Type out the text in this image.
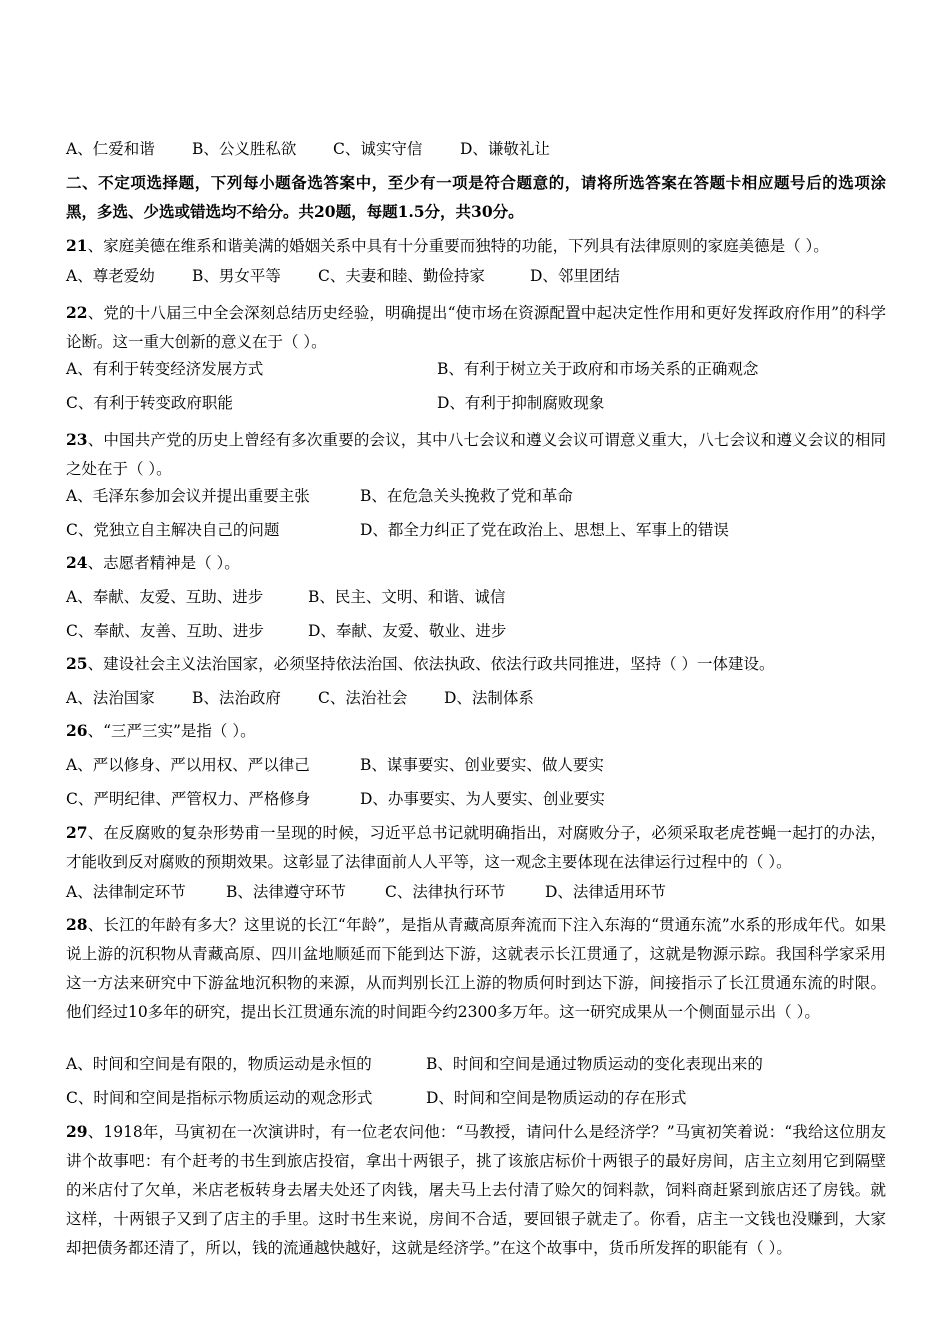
A、仁爱和谐 B、公义胜私欲 C、诚实守信 D、谦敬礼让
二、不定项选择题，下列每小题备选答案中，至少有一项是符合题意的，请将所选答案在答题卡相应题号后的选项涂黑，多选、少选或错选均不给分。共20题，每题1.5分，共30分。
21、家庭美德在维系和谐美满的婚姻关系中具有十分重要而独特的功能，下列具有法律原则的家庭美德是（ ）。
A、尊老爱幼 B、男女平等 C、夫妻和睦、勤俭持家	D、邻里团结
22、党的十八届三中全会深刻总结历史经验，明确提出“使市场在资源配置中起决定性作用和更好发挥政府作用”的科学论断。这一重大创新的意义在于（ ）。
A、有利于转变经济发展方式	B、有利于树立关于政府和市场关系的正确观念
C、有利于转变政府职能	D、有利于抑制腐败现象
23、中国共产党的历史上曾经有多次重要的会议，其中八七会议和遵义会议可谓意义重大，八七会议和遵义会议的相同之处在于（ ）。
A、毛泽东参加会议并提出重要主张	B、在危急关头挽救了党和革命
C、党独立自主解决自己的问题	D、都全力纠正了党在政治上、思想上、军事上的错误
24、志愿者精神是（ ）。
A、奉献、友爱、互助、进步	B、民主、文明、和谐、诚信
C、奉献、友善、互助、进步	D、奉献、友爱、敬业、进步
25、建设社会主义法治国家，必须坚持依法治国、依法执政、依法行政共同推进，坚持（ ）一体建设。
A、法治国家 B、法治政府 C、法治社会 D、法制体系
26、“三严三实”是指（ ）。
A、严以修身、严以用权、严以律己	B、谋事要实、创业要实、做人要实
C、严明纪律、严管权力、严格修身	D、办事要实、为人要实、创业要实
27、在反腐败的复杂形势甫一呈现的时候，习近平总书记就明确指出，对腐败分子，必须采取老虎苍蝇一起打的办法，才能收到反对腐败的预期效果。这彰显了法律面前人人平等，这一观念主要体现在法律运行过程中的（ ）。
A、法律制定环节	B、法律遵守环节	C、法律执行环节	D、法律适用环节
28、长江的年龄有多大？这里说的长江“年龄”，是指从青藏高原奔流而下注入东海的“贯通东流”水系的形成年代。如果说上游的沉积物从青藏高原、四川盆地顺延而下能到达下游，这就表示长江贯通了，这就是物源示踪。我国科学家采用这一方法来研究中下游盆地沉积物的来源，从而判别长江上游的物质何时到达下游，间接指示了长江贯通东流的时限。他们经过10多年的研究，提出长江贯通东流的时间距今约2300多万年。这一研究成果从一个侧面显示出（ ）。
A、时间和空间是有限的，物质运动是永恒的	B、时间和空间是通过物质运动的变化表现出来的
C、时间和空间是指标示物质运动的观念形式	D、时间和空间是物质运动的存在形式
29、1918年，马寅初在一次演讲时，有一位老农问他：“马教授，请问什么是经济学？”马寅初笑着说：“我给这位朋友讲个故事吧：有个赶考的书生到旅店投宿，拿出十两银子，挑了该旅店标价十两银子的最好房间，店主立刻用它到隔壁的米店付了欠单，米店老板转身去屠夫处还了肉钱，屠夫马上去付清了赊欠的饲料款，饲料商赶紧到旅店还了房钱。就这样，十两银子又到了店主的手里。这时书生来说，房间不合适，要回银子就走了。你看，店主一文钱也没赚到，大家却把债务都还清了，所以，钱的流通越快越好，这就是经济学。”在这个故事中，货币所发挥的职能有（ ）。
